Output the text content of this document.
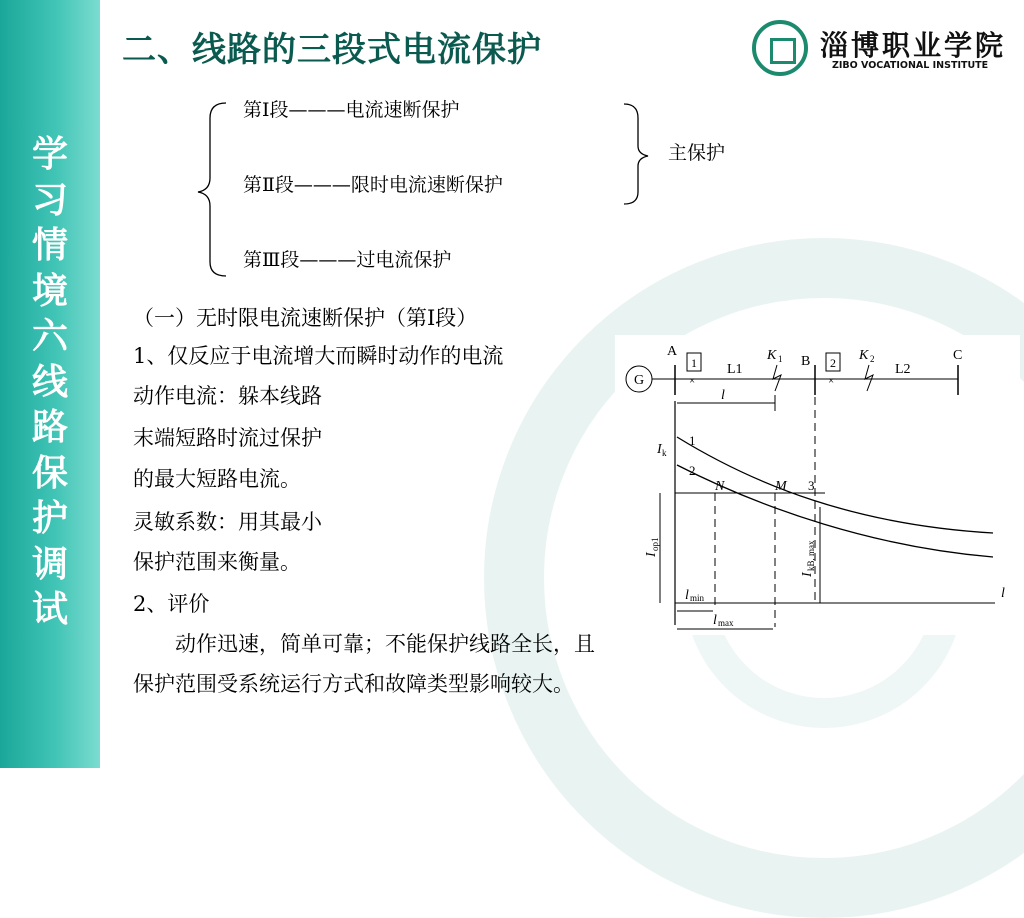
学
习
情
境
六
线
路
保
护
调
试
二、线路的三段式电流保护	淄博职业学院
ZIBO VOCATIONAL INSTITUTE
第Ⅰ段———电流速断保护
第Ⅱ段———限时电流速断保护
第Ⅲ段———过电流保护
主保护
（一）无时限电流速断保护（第Ⅰ段）
1、仅反应于电流增大而瞬时动作的电流
动作电流：躲本线路
末端短路时流过保护
的最大短路电流。
灵敏系数：用其最小
保护范围来衡量。
2、评价
　　动作迅速，简单可靠；不能保护线路全长，且
保护范围受系统运行方式和故障类型影响较大。
G
A
B	C
L1	L2
1	2
×	×
K 1	K 2
l
I k
1
2
3
N	M
I
op1
I
kB, max
l
l min
l max
